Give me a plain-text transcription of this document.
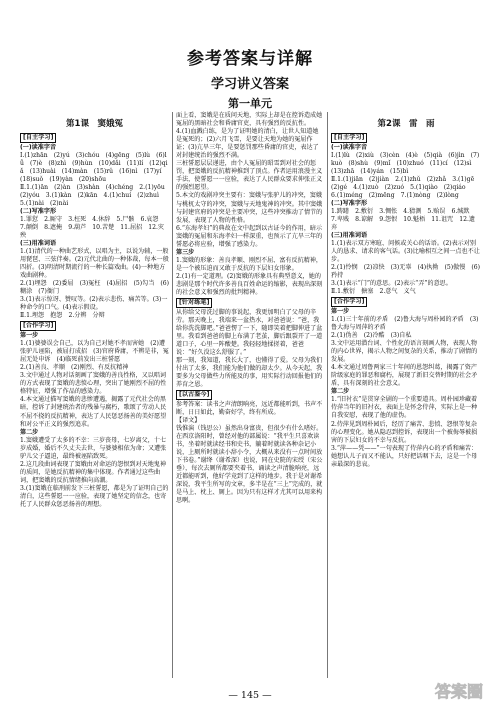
参考答案与详解
学习讲义答案
第一单元
第1课　窦娥冤
[自主学习]
(一)读准字音
Ⅰ.(1)zhān　(2)yú　(3)chóu　(4)gēng　(5)lù　(6)lǚ　(7)è　(8)zhì　(9)hùn　(10)dǎi　(11)lí　(12)qiǎ　(13)huài　(14)màn　(15)rǔ　(16)nì　(17)yí　(18)suǒ　(19)yàn　(20)shōu
Ⅱ.1.(1)ān　(2)àn　(3)shàn　(4)chéng　2.(1)yōu　(2)yóu　3.(1)kàn　(2)kān　4.(1)chuí　(2)zhuì
5.(1)nài　(2)nài
(二)写准字形
1.罪愆　2.厮守　3.枉死　4.休辞　5.尸骸　6.哀怨　7.颠倒　8.遮掩　9.葫芦　10.苦楚　11.屈招　12.灾殃
(三)用准词语
1.(1)清代的一种曲艺形式，以唱为主，以说为辅，一般用琵琶、三弦伴奏。(2)元代北曲的一种体裁，每本一般四折。(3)明清时期流行的一种长篇戏曲。(4)一种地方戏曲剧种。
2.(1)埋怨　(2)委屈　(3)冤枉　(4)屈招　(5)勾当　(6)糊涂　(7)衙门
3.(1)表示惊讶、赞叹等。(2)表示悲伤、痛苦等。(3)一种命令的口气。(4)表示假设。
Ⅱ.1.埋怨　抱怨　2.分辨　分辩
[合作学习]
第一步
1.(1)婆婆误会自己，以为自己对她不孝而害她　(2)遭张驴儿诬陷，被屈打成招　(3)官府昏庸，不辨是非，冤屈无处申诉　(4)临死前发出三桩誓愿
2.(1)善良、孝顺　(2)刚烈、有反抗精神
3.文中通过人物对话刻画了窦娥的善良性格，又以唱词的方式表现了窦娥的悲愤心理，突出了她刚烈不屈的性格特征，增强了作品的感染力。
4.本文通过描写窦娥的悲惨遭遇，揭露了元代社会的黑暗，控诉了封建统治者的残暴与腐朽，歌颂了劳动人民不屈不挠的反抗精神，表达了人民惩恶扬善的美好愿望和对公平正义的强烈追求。
第二步
1.窦娥遭受了太多的不幸：三岁丧母，七岁离父，十七岁成婚，婚后不久丈夫去世，与婆婆相依为命；又遭张驴儿父子逼迫，最终被诬陷致死。
2.这几段曲词表现了窦娥由对命运的怨恨到对天地鬼神的质问，是她反抗精神的集中体现。作者通过这些曲词，把窦娥的反抗情绪推向高潮。
3.(1)窦娥在临刑前发下三桩誓愿，都是为了证明自己的清白，这些誓愿一一应验，表现了她坚定的信念，也寄托了人民群众惩恶扬善的理想。
面上看，窦娥是在质问天地，实际上却是在控诉造成她冤屈的黑暗社会和昏庸官吏，具有强烈的反抗性。
4.(1)血溅白练，是为了证明她的清白，让世人知道她是冤死的；(2)六月飞雪，是要让天地为她的冤屈作证；(3)亢旱三年，是要惩罚那些昏庸的官吏，表达了对封建统治的强烈不满。
三桩誓愿层层递进，由个人冤屈的昭雪到对社会的惩罚，把窦娥的反抗精神推到了顶点。作者运用浪漫主义手法，使誓愿一一应验，表达了人民群众要求伸张正义的强烈愿望。
5.本文的戏剧冲突主要有：窦娥与张驴儿的冲突，窦娥与桃杌太守的冲突，窦娥与天地鬼神的冲突。其中窦娥与封建官府的冲突是主要冲突，这些冲突推动了情节的发展，表现了人物的性格。
6.“东海孝妇”的典故在文中起到以古证今的作用，暗示窦娥的冤屈和东海孝妇一样深重，也预示了亢旱三年的誓愿必将应验，增强了感染力。
第三步
1.窦娥的形象：善良孝顺、刚烈不屈、富有反抗精神，是一个被压迫而又敢于反抗的下层妇女形象。
2.(1)有一定道理。(2)窦娥的形象具有典型意义，她的悲剧是那个时代许多善良百姓命运的缩影，表现出深刻的社会意义和强烈的批判精神。
[针对练笔]
从你给父母洗过脚的事说起，我更加明白了父母的辛劳。那天晚上，我端来一盆热水，对爸爸说：“爸，我给你洗洗脚吧。”爸爸愣了一下，随即笑着把脚伸进了盆里。我看到爸爸的脚上布满了老茧，脚后跟裂开了一道道口子，心里一阵酸楚。我轻轻地揉搓着，爸爸说：“好久没这么舒服了。”
那一刻，我知道，我长大了，也懂得了爱。父母为我们付出了太多，我们能为他们做的却太少。从今天起，我要多为父母做些力所能及的事，用实际行动回报他们的养育之恩。
[以古鉴今]
参考答案：读书之声清朗响亮，远近都能听到，书声不断，日日如此，勤奋好学，终有所成。
【译文】
钱惟演（钱思公）虽然出身富贵，但很少有什么嗜好。在西京洛阳时，曾经对他的部属说：“我平生只喜欢读书，坐着时就读经书和史书，躺着时就读各种杂记小说，上厕所时就读小辞小令，大概从来没有一点时间放下书卷。”谢绛（谢希深）也说，同在史院的宋绶（宋公垂），每次去厕所都要夹着书，诵读之声清脆响亮，远近都能听到，他好学竟到了这样的地步。我于是对谢希深说，我平生所写的文章，多半是在“三上”完成的，就是马上、枕上、厕上。因为只有这样才尤其可以用来构思啊。
第2课　雷　雨
[自主学习]
(一)读准字音
Ⅰ.(1)lù　(2)xiù　(3)cèn　(4)è　(5)qià　(6)jìn　(7)kuò　(8)shù　(9)mǐ　(10)zhuó　(11)cí　(12)sì　(13)zhā　(14)yán　(15)bì
Ⅱ.1.(1)jiān　(2)jiàn　2.(1)zhǔ　(2)zhǎ　3.(1)gē　(2)gé　4.(1)zuò　(2)zuó　5.(1)qiào　(2)qiáo
6.(1)méng　(2)mēng　7.(1)nòng　(2)lòng
(二)写准字形
1.踌躇　2.敷衍　3.惆怅　4.猜测　5.贻误　6.缄默　7.卑贱　8.谅解　9.怨恨　10.魁梧　11.诅咒　12.遗弃
(三)用准词语
1.(1)表示双方寒暄、问候或关心的话语。(2)表示对别人的恳求、请求的客气话。(3)比喻相互之间一点也不让步。
2.(1)怜悯　(2)凉快　(3)无辜　(4)执拗　(5)傲慢　(6)矜持
3.(1)表示“门”的意思。(2)表示“弄”的意思。
Ⅱ.1.敷衍　搪塞　2.意气　义气
[合作学习]
第一步
1.(1)三十年前的矛盾　(2)鲁大海与周朴园的矛盾　(3)鲁大海与周萍的矛盾
2.(1)伪善　(2)冷酷　(3)自私
3.文中运用潜台词、个性化的语言刻画人物，表现人物的内心世界，揭示人物之间复杂的关系，推动了剧情的发展。
4.本文通过周鲁两家三十年间的恩怨纠葛，揭露了资产阶级家庭的罪恶和腐朽，展现了新旧交替时期的社会矛盾，具有深刻的社会意义。
第二步
1.“旧衬衣”是贯穿全剧的一个重要道具。周朴园珍藏着侍萍当年的旧衬衣，表面上是怀念侍萍，实际上是一种自我安慰，表现了他的虚伪。
2.侍萍见到周朴园后，经历了痛苦、悲愤、怨恨等复杂的心理变化。她从隐忍到控诉，表现出一个被侮辱被损害的下层妇女的不幸与反抗。
3.“萍——凭——”一句表现了侍萍内心的矛盾和痛苦：她想认儿子而又不能认，只好把话咽下去，这是一个母亲最深的悲哀。
— 145 —	答案圈
